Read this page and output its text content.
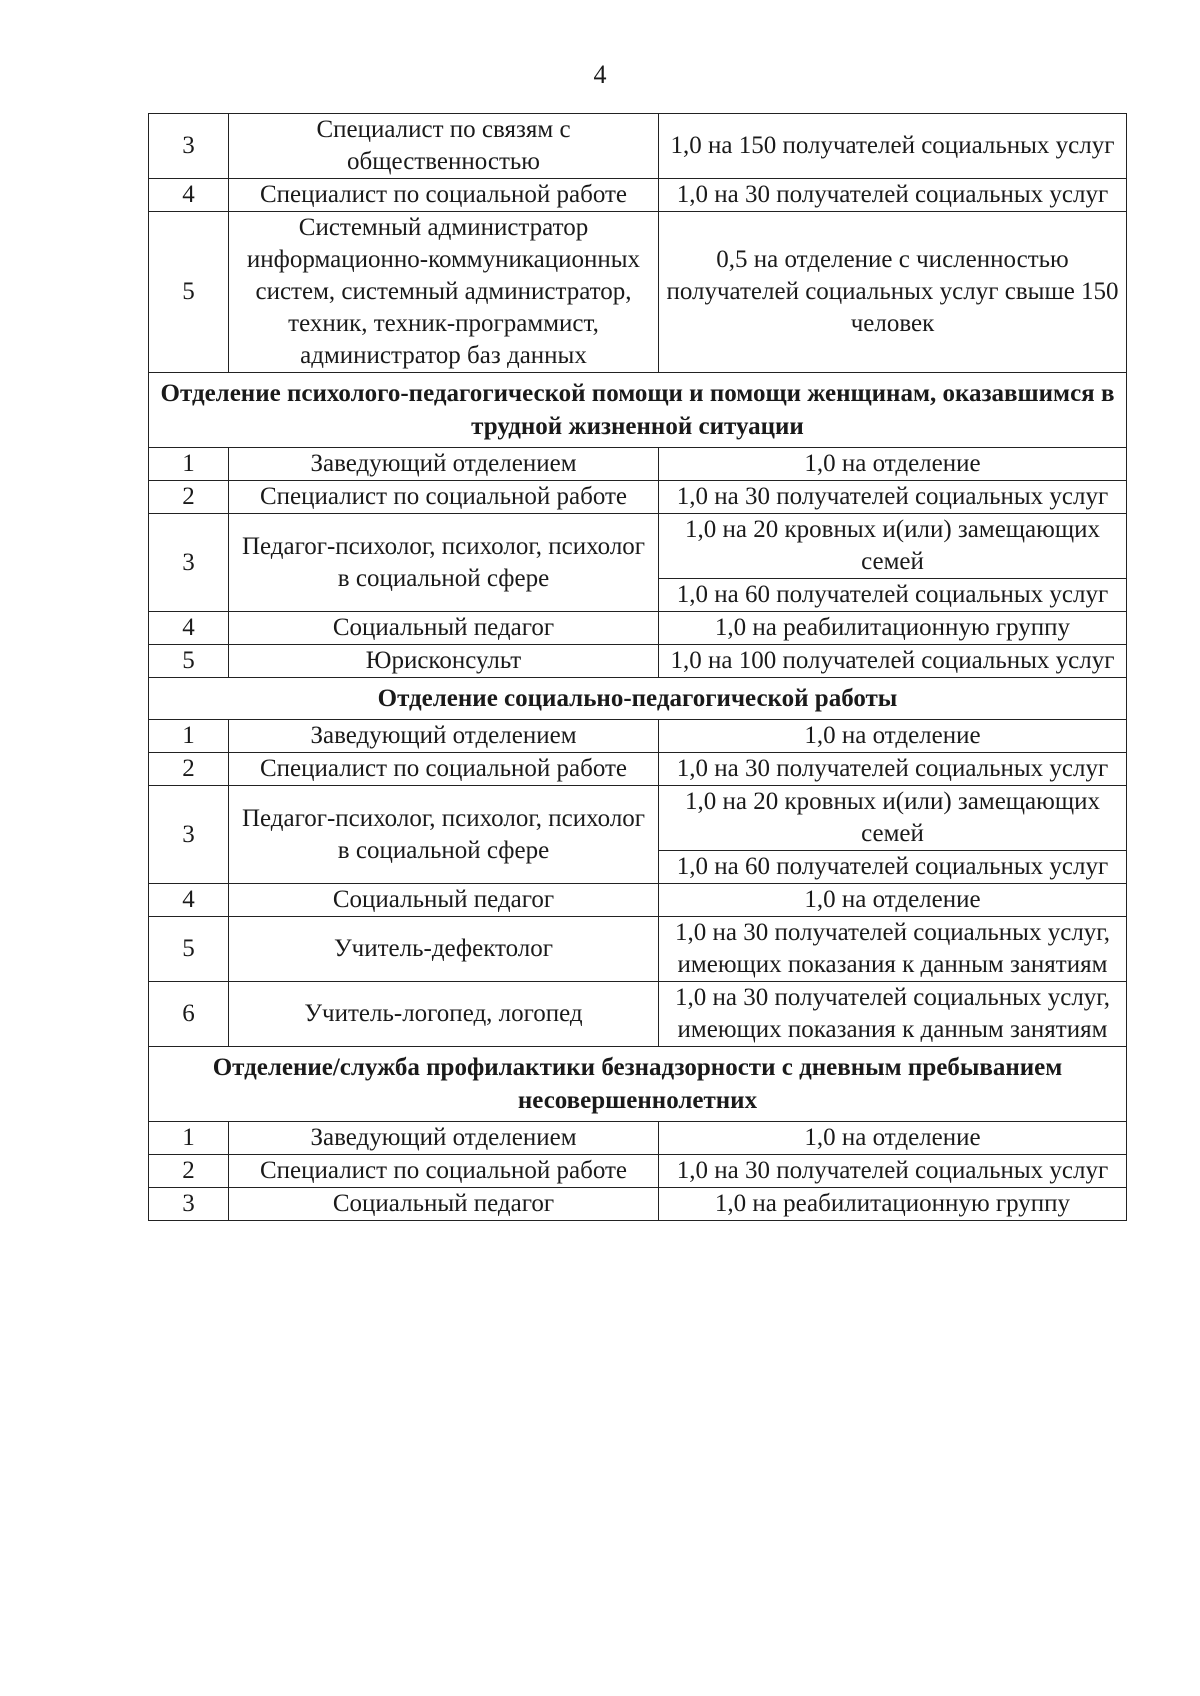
4
3	Специалист по связям с общественностью	1,0 на 150 получателей социальных услуг
4	Специалист по социальной работе	1,0 на 30 получателей социальных услуг
5	Системный администратор информационно-коммуникационных систем, системный администратор, техник, техник-программист, администратор баз данных	0,5 на отделение с численностью получателей социальных услуг свыше 150 человек
Отделение психолого-педагогической помощи и помощи женщинам, оказавшимся в трудной жизненной ситуации		
1	Заведующий отделением	1,0 на отделение
2	Специалист по социальной работе	1,0 на 30 получателей социальных услуг
3	Педагог-психолог, психолог, психолог в социальной сфере	1,0 на 20 кровных и(или) замещающих семей
		1,0 на 60 получателей социальных услуг
4	Социальный педагог	1,0 на реабилитационную группу
5	Юрисконсульт	1,0 на 100 получателей социальных услуг
Отделение социально-педагогической работы		
1	Заведующий отделением	1,0 на отделение
2	Специалист по социальной работе	1,0 на 30 получателей социальных услуг
3	Педагог-психолог, психолог, психолог в социальной сфере	1,0 на 20 кровных и(или) замещающих семей
		1,0 на 60 получателей социальных услуг
4	Социальный педагог	1,0 на отделение
5	Учитель-дефектолог	1,0 на 30 получателей социальных услуг, имеющих показания к данным занятиям
6	Учитель-логопед, логопед	1,0 на 30 получателей социальных услуг, имеющих показания к данным занятиям
Отделение/служба профилактики безнадзорности с дневным пребыванием несовершеннолетних		
1	Заведующий отделением	1,0 на отделение
2	Специалист по социальной работе	1,0 на 30 получателей социальных услуг
3	Социальный педагог	1,0 на реабилитационную группу
